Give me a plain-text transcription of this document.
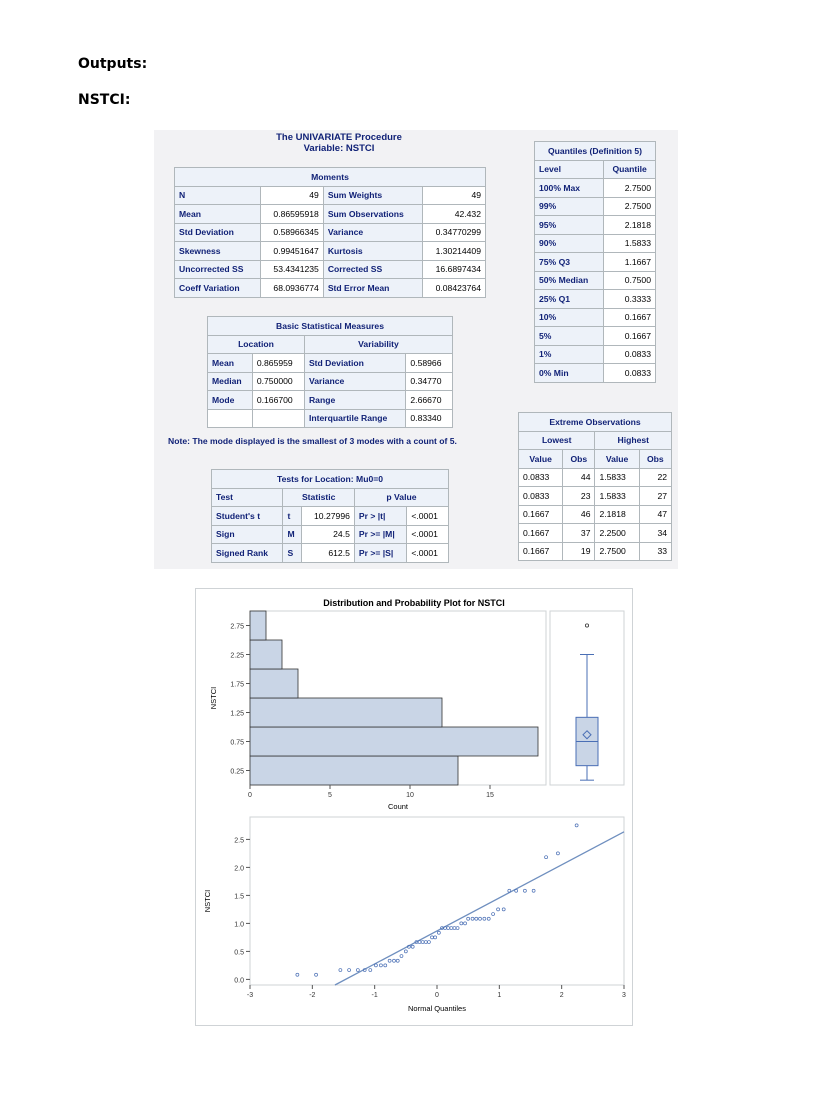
Outputs:
NSTCI:
The UNIVARIATE Procedure
Variable: NSTCI
Moments			
N	49	Sum Weights	49
Mean	0.86595918	Sum Observations	42.432
Std Deviation	0.58966345	Variance	0.34770299
Skewness	0.99451647	Kurtosis	1.30214409
Uncorrected SS	53.4341235	Corrected SS	16.6897434
Coeff Variation	68.0936774	Std Error Mean	0.08423764
Basic Statistical Measures			
Location		Variability	
Mean	0.865959	Std Deviation	0.58966
Median	0.750000	Variance	0.34770
Mode	0.166700	Range	2.66670
		Interquartile Range	0.83340
Note: The mode displayed is the smallest of 3 modes with a count of 5.
Tests for Location: Mu0=0				
Test	Statistic		p Value	
Student's t	t	10.27996	Pr > |t|	<.0001
Sign	M	24.5	Pr >= |M|	<.0001
Signed Rank	S	612.5	Pr >= |S|	<.0001
Quantiles (Definition 5)	
Level	Quantile
100% Max	2.7500
99%	2.7500
95%	2.1818
90%	1.5833
75% Q3	1.1667
50% Median	0.7500
25% Q1	0.3333
10%	0.1667
5%	0.1667
1%	0.0833
0% Min	0.0833
Extreme Observations			
Lowest		Highest	
Value	Obs	Value	Obs
0.0833	44	1.5833	22
0.0833	23	1.5833	27
0.1667	46	2.1818	47
0.1667	37	2.2500	34
0.1667	19	2.7500	33
Distribution and Probability Plot for NSTCI
0.25
0.75
1.25
1.75
2.25
2.75
0	5	10	15
Count
NSTCI
0.0
0.5
1.0
1.5
2.0
2.5
-3	-2	-1	0	1	2	3
Normal Quantiles
NSTCI
